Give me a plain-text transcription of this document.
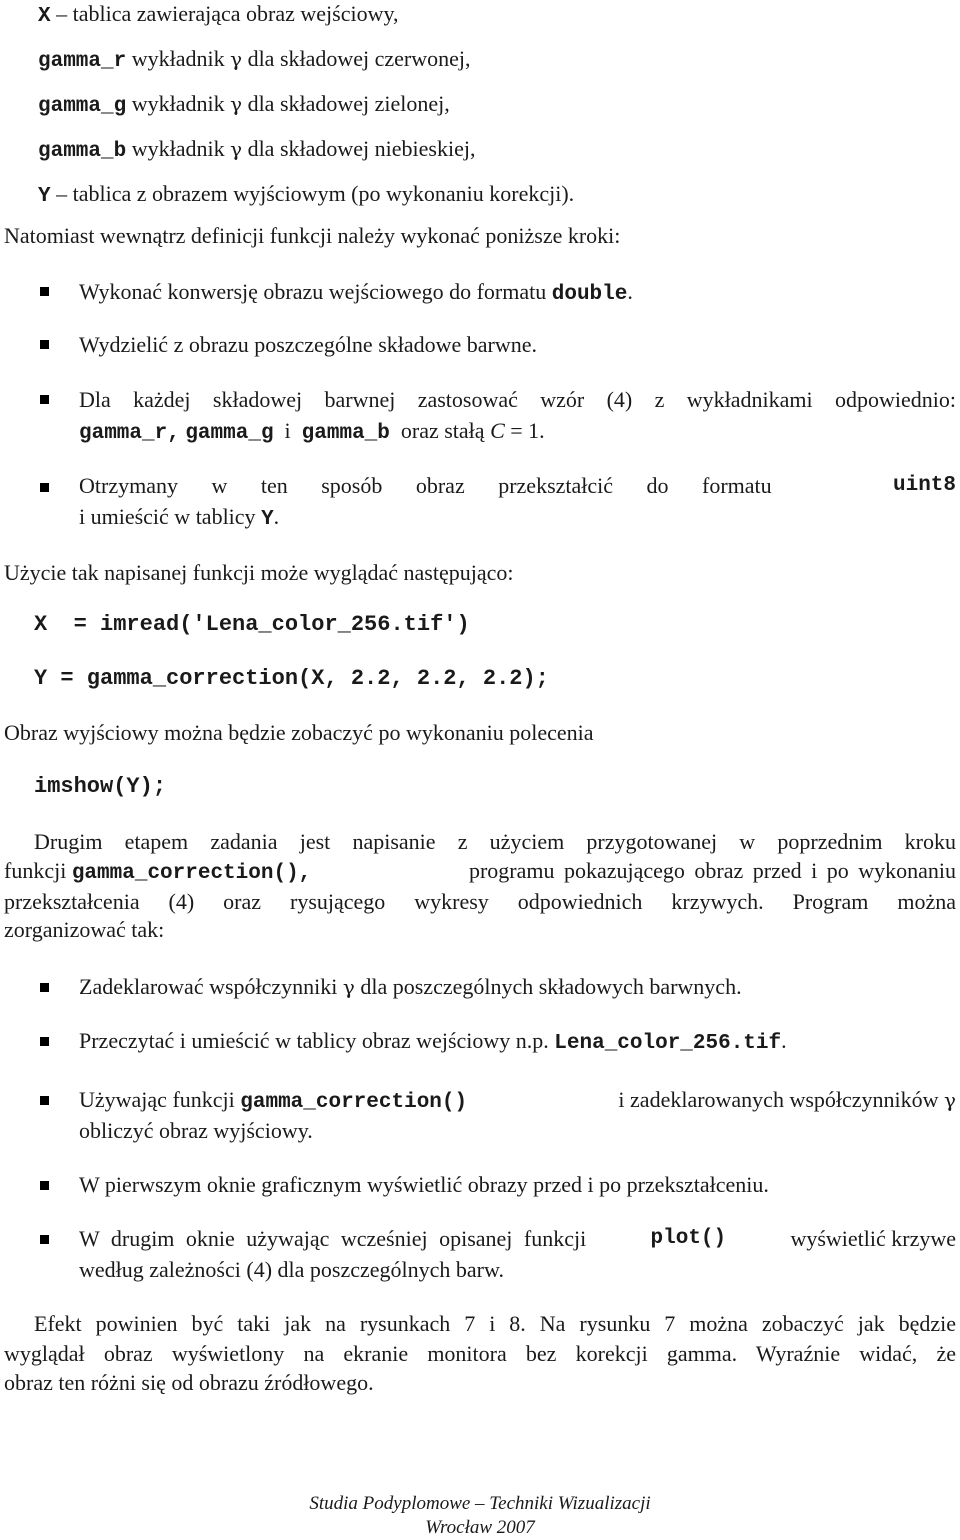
X – tablica zawierająca obraz wejściowy,
gamma_r wykładnik γ dla składowej czerwonej,
gamma_g wykładnik γ dla składowej zielonej,
gamma_b wykładnik γ dla składowej niebieskiej,
Y – tablica z obrazem wyjściowym (po wykonaniu korekcji).
Natomiast wewnątrz definicji funkcji należy wykonać poniższe kroki:
Wykonać konwersję obrazu wejściowego do formatu double.
Wydzielić z obrazu poszczególne składowe barwne.
Dla każdej składowej barwnej zastosować wzór (4) z wykładnikami odpowiednio:
gamma_r, gamma_g i gamma_b oraz stałą C = 1.
Otrzymany w ten sposób obraz przekształcić do formatu	uint8
i umieścić w tablicy Y.
Użycie tak napisanej funkcji może wyglądać następująco:
X  = imread('Lena_color_256.tif')
Y = gamma_correction(X, 2.2, 2.2, 2.2);
Obraz wyjściowy można będzie zobaczyć po wykonaniu polecenia
imshow(Y);
Drugim etapem zadania jest napisanie z użyciem przygotowanej w poprzednim kroku
funkcji gamma_correction(),	programu pokazującego obraz przed i po wykonaniu
przekształcenia (4) oraz rysującego wykresy odpowiednich krzywych. Program można
zorganizować tak:
Zadeklarować współczynniki γ dla poszczególnych składowych barwnych.
Przeczytać i umieścić w tablicy obraz wejściowy n.p. Lena_color_256.tif.
Używając funkcji gamma_correction()	i zadeklarowanych współczynników γ
obliczyć obraz wyjściowy.
W pierwszym oknie graficznym wyświetlić obrazy przed i po przekształceniu.
W drugim oknie używając wcześniej opisanej funkcji	plot()	wyświetlić krzywe
według zależności (4) dla poszczególnych barw.
Efekt powinien być taki jak na rysunkach 7 i 8. Na rysunku 7 można zobaczyć jak będzie
wyglądał obraz wyświetlony na ekranie monitora bez korekcji gamma. Wyraźnie widać, że
obraz ten różni się od obrazu źródłowego.
Studia Podyplomowe – Techniki Wizualizacji
Wrocław 2007
